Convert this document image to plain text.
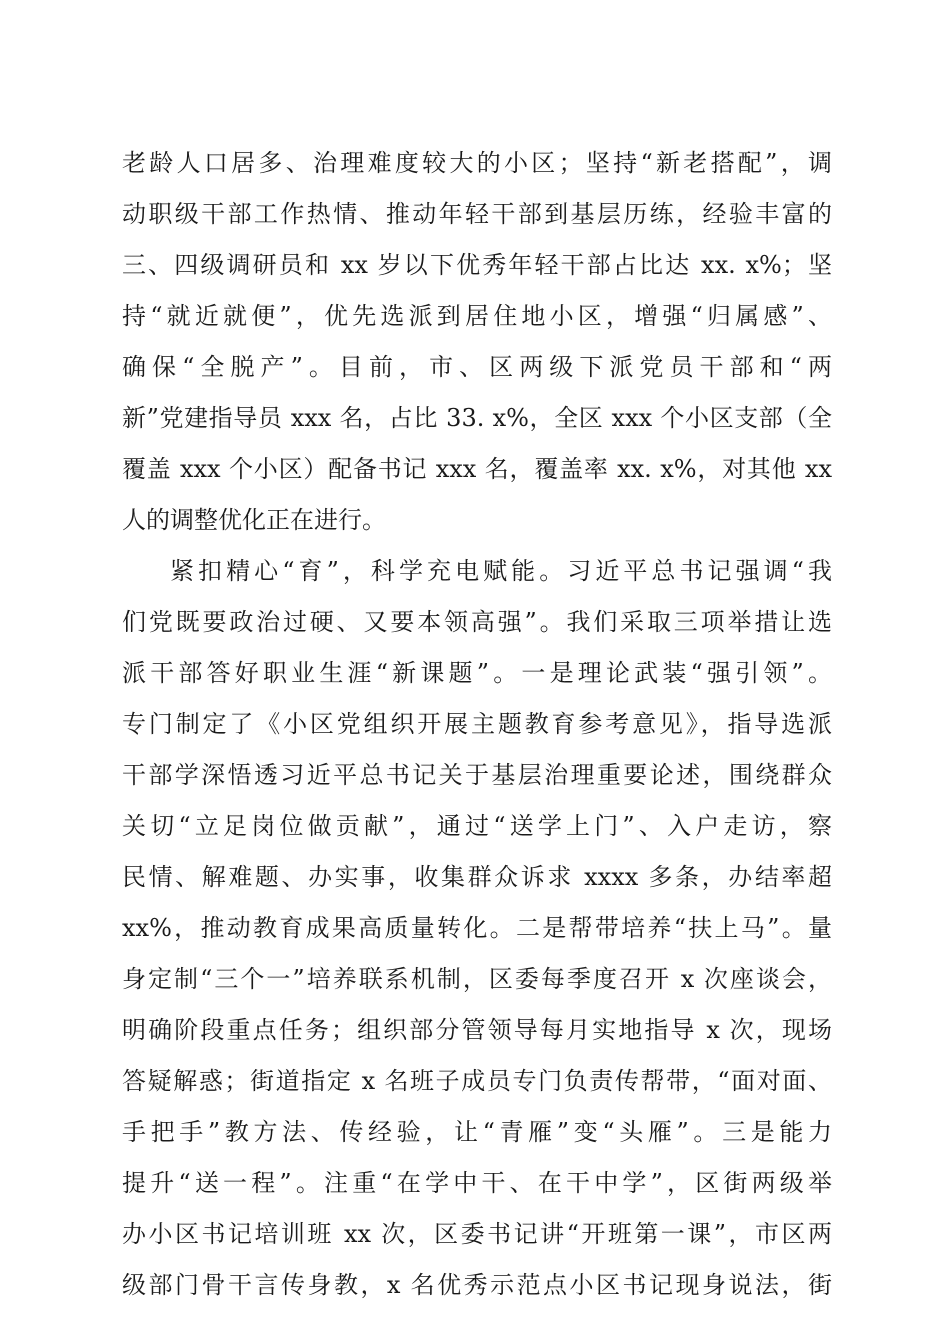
老龄人口居多、治理难度较大的小区；坚持“新老搭配”，调
动职级干部工作热情、推动年轻干部到基层历练，经验丰富的
三、四级调研员和 xx 岁以下优秀年轻干部占比达 xx. x%；坚
持“就近就便”，优先选派到居住地小区，增强“归属感”、
确保“全脱产”。目前，市、区两级下派党员干部和“两
新”党建指导员 xxx 名，占比 33. x%，全区 xxx 个小区支部（全
覆盖 xxx 个小区）配备书记 xxx 名，覆盖率 xx. x%，对其他 xx
人的调整优化正在进行。
紧扣精心“育”，科学充电赋能。习近平总书记强调“我
们党既要政治过硬、又要本领高强”。我们采取三项举措让选
派干部答好职业生涯“新课题”。一是理论武装“强引领”。
专门制定了《小区党组织开展主题教育参考意见》，指导选派
干部学深悟透习近平总书记关于基层治理重要论述，围绕群众
关切“立足岗位做贡献”，通过“送学上门”、入户走访，察
民情、解难题、办实事，收集群众诉求 xxxx 多条，办结率超
xx%，推动教育成果高质量转化。二是帮带培养“扶上马”。量
身定制“三个一”培养联系机制，区委每季度召开 x 次座谈会，
明确阶段重点任务；组织部分管领导每月实地指导 x 次，现场
答疑解惑；街道指定 x 名班子成员专门负责传帮带，“面对面、
手把手”教方法、传经验，让“青雁”变“头雁”。三是能力
提升“送一程”。注重“在学中干、在干中学”，区街两级举
办小区书记培训班 xx 次，区委书记讲“开班第一课”，市区两
级部门骨干言传身教，x 名优秀示范点小区书记现身说法，街
